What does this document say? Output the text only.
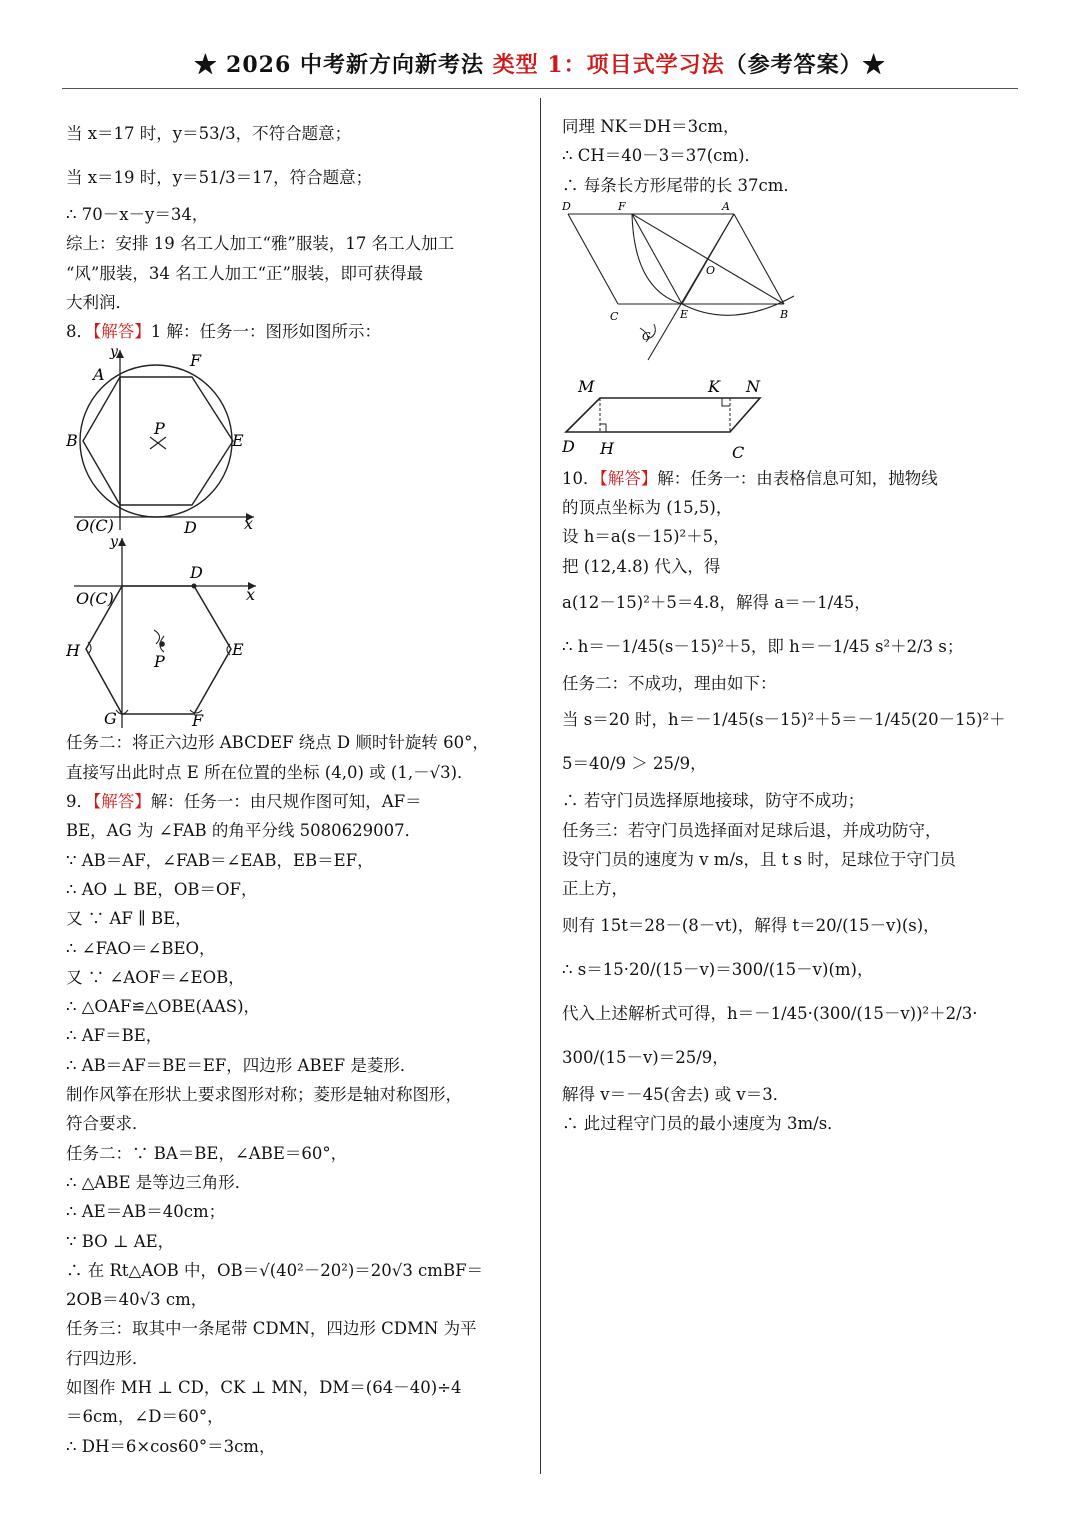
★ 2026 中考新方向新考法 类型 1：项目式学习法（参考答案）★
当 x＝17 时，y＝53/3，不符合题意；
当 x＝19 时，y＝51/3＝17，符合题意；
∴ 70－x－y＝34，
综上：安排 19 名工人加工“雅”服装，17 名工人加工
“风”服装，34 名工人加工“正”服装，即可获得最
大利润．
8．【解答】1 解：任务一：图形如图所示：
y
A
F
B	E
P
O(C)	D	x
y
D
O(C)	x
H	E
P
G	F
任务二：将正六边形 ABCDEF 绕点 D 顺时针旋转 60°，
直接写出此时点 E 所在位置的坐标 (4,0) 或 (1,－√3)．
9．【解答】解：任务一：由尺规作图可知，AF＝
BE，AG 为 ∠FAB 的角平分线 5080629007．
∵ AB＝AF，∠FAB＝∠EAB，EB＝EF，
∴ AO ⊥ BE，OB＝OF，
又 ∵ AF ∥ BE，
∴ ∠FAO＝∠BEO，
又 ∵ ∠AOF＝∠EOB，
∴ △OAF≌△OBE(AAS)，
∴ AF＝BE，
∴ AB＝AF＝BE＝EF，四边形 ABEF 是菱形．
制作风筝在形状上要求图形对称；菱形是轴对称图形，
符合要求．
任务二：∵ BA＝BE，∠ABE＝60°，
∴ △ABE 是等边三角形．
∴ AE＝AB＝40cm；
∵ BO ⊥ AE，
∴ 在 Rt△AOB 中，OB＝√(40²－20²)＝20√3 cmBF＝
2OB＝40√3 cm，
任务三：取其中一条尾带 CDMN，四边形 CDMN 为平
行四边形．
如图作 MH ⊥ CD，CK ⊥ MN，DM＝(64－40)÷4
＝6cm，∠D＝60°，
∴ DH＝6×cos60°＝3cm，
同理 NK＝DH＝3cm，
∴ CH＝40－3＝37(cm)．
∴ 每条长方形尾带的长 37cm．
D	F	A
O
C	E	B
G
M	K N
D H	C
10．【解答】解：任务一：由表格信息可知，抛物线
的顶点坐标为 (15,5)，
设 h＝a(s－15)²＋5，
把 (12,4.8) 代入，得
a(12－15)²＋5＝4.8，解得 a＝－1/45，
∴ h＝－1/45(s－15)²＋5，即 h＝－1/45 s²＋2/3 s；
任务二：不成功，理由如下：
当 s＝20 时，h＝－1/45(s－15)²＋5＝－1/45(20－15)²＋
5＝40/9 ＞ 25/9，
∴ 若守门员选择原地接球，防守不成功；
任务三：若守门员选择面对足球后退，并成功防守，
设守门员的速度为 v m/s，且 t s 时，足球位于守门员
正上方，
则有 15t＝28－(8－vt)，解得 t＝20/(15－v)(s)，
∴ s＝15·20/(15－v)＝300/(15－v)(m)，
代入上述解析式可得，h＝－1/45·(300/(15－v))²＋2/3·
300/(15－v)＝25/9，
解得 v＝－45(舍去) 或 v＝3．
∴ 此过程守门员的最小速度为 3m/s．
